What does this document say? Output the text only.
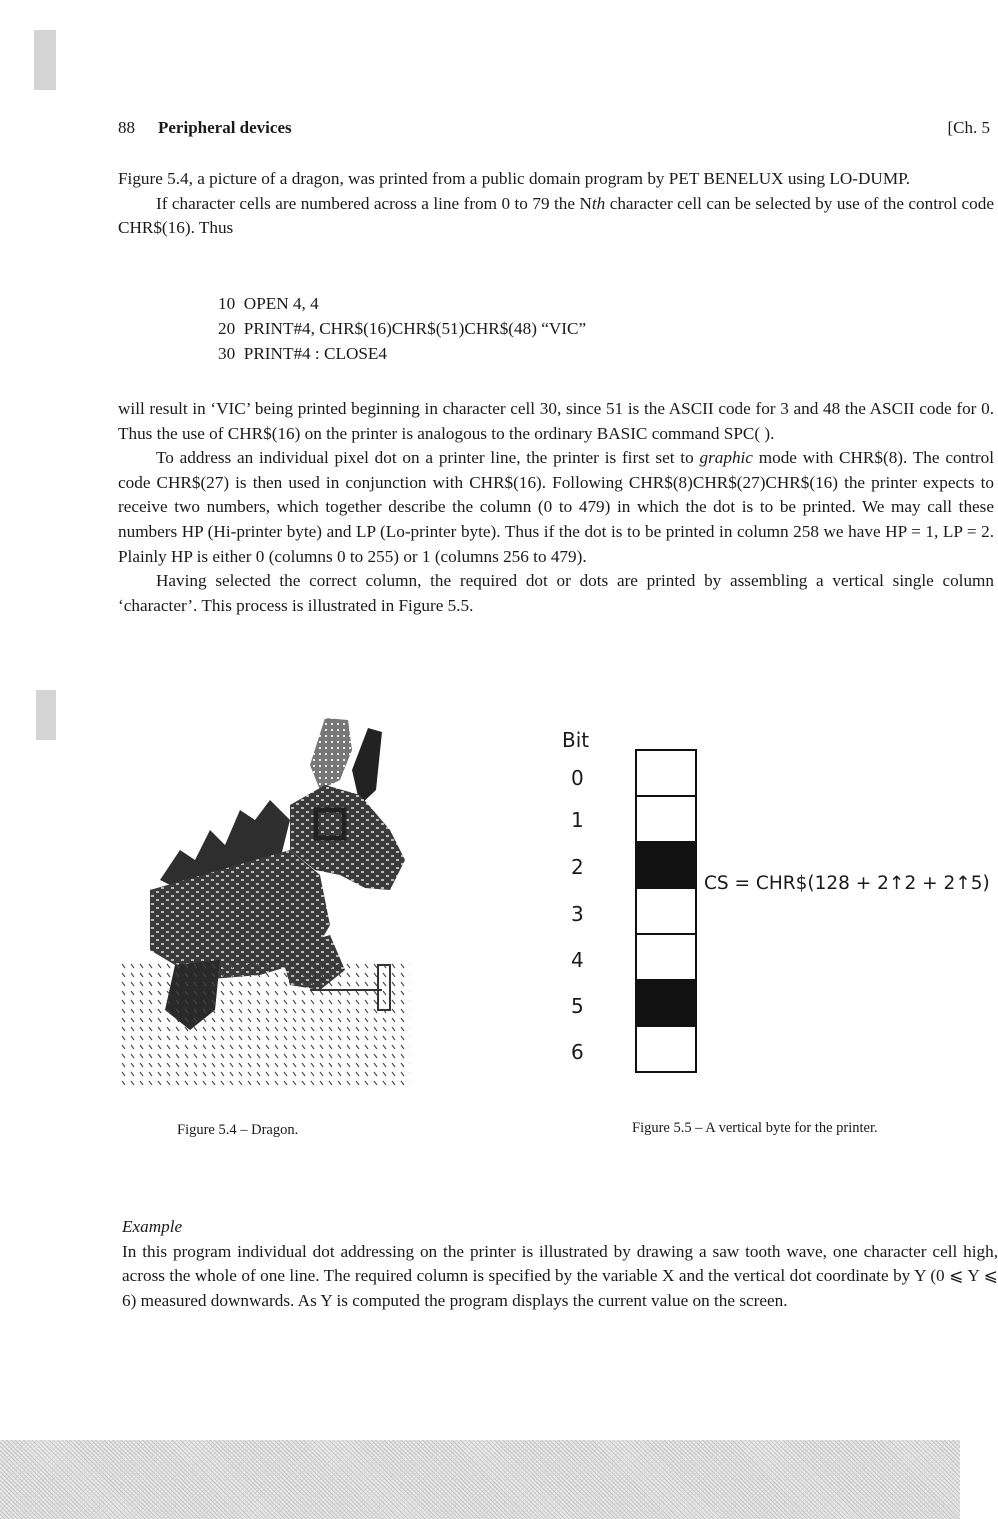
88 Peripheral devices	[Ch. 5

Figure 5.4, a picture of a dragon, was printed from a public domain program by PET BENELUX using LO-DUMP.

If character cells are numbered across a line from 0 to 79 the Nth character cell can be selected by use of the control code CHR$(16). Thus

10  OPEN 4, 4
20  PRINT#4, CHR$(16)CHR$(51)CHR$(48) “VIC”
30  PRINT#4 : CLOSE4

will result in ‘VIC’ being printed beginning in character cell 30, since 51 is the ASCII code for 3 and 48 the ASCII code for 0. Thus the use of CHR$(16) on the printer is analogous to the ordinary BASIC command SPC( ).

To address an individual pixel dot on a printer line, the printer is first set to graphic mode with CHR$(8). The control code CHR$(27) is then used in conjunction with CHR$(16). Following CHR$(8)CHR$(27)CHR$(16) the printer expects to receive two numbers, which together describe the column (0 to 479) in which the dot is to be printed. We may call these numbers HP (Hi-printer byte) and LP (Lo-printer byte). Thus if the dot is to be printed in column 258 we have HP = 1, LP = 2. Plainly HP is either 0 (columns 0 to 255) or 1 (columns 256 to 479).

Having selected the correct column, the required dot or dots are printed by assembling a vertical single column ‘character’. This process is illustrated in Figure 5.5.

Figure 5.4 – Dragon.
Bit
0
1
2
3
4
5
6
CS = CHR$(128 + 2↑2 + 2↑5)
Figure 5.5 – A vertical byte for the printer.

Example

In this program individual dot addressing on the printer is illustrated by drawing a saw tooth wave, one character cell high, across the whole of one line. The required column is specified by the variable X and the vertical dot coordinate by Y (0 ⩽ Y ⩽ 6) measured downwards. As Y is computed the program displays the current value on the screen.
